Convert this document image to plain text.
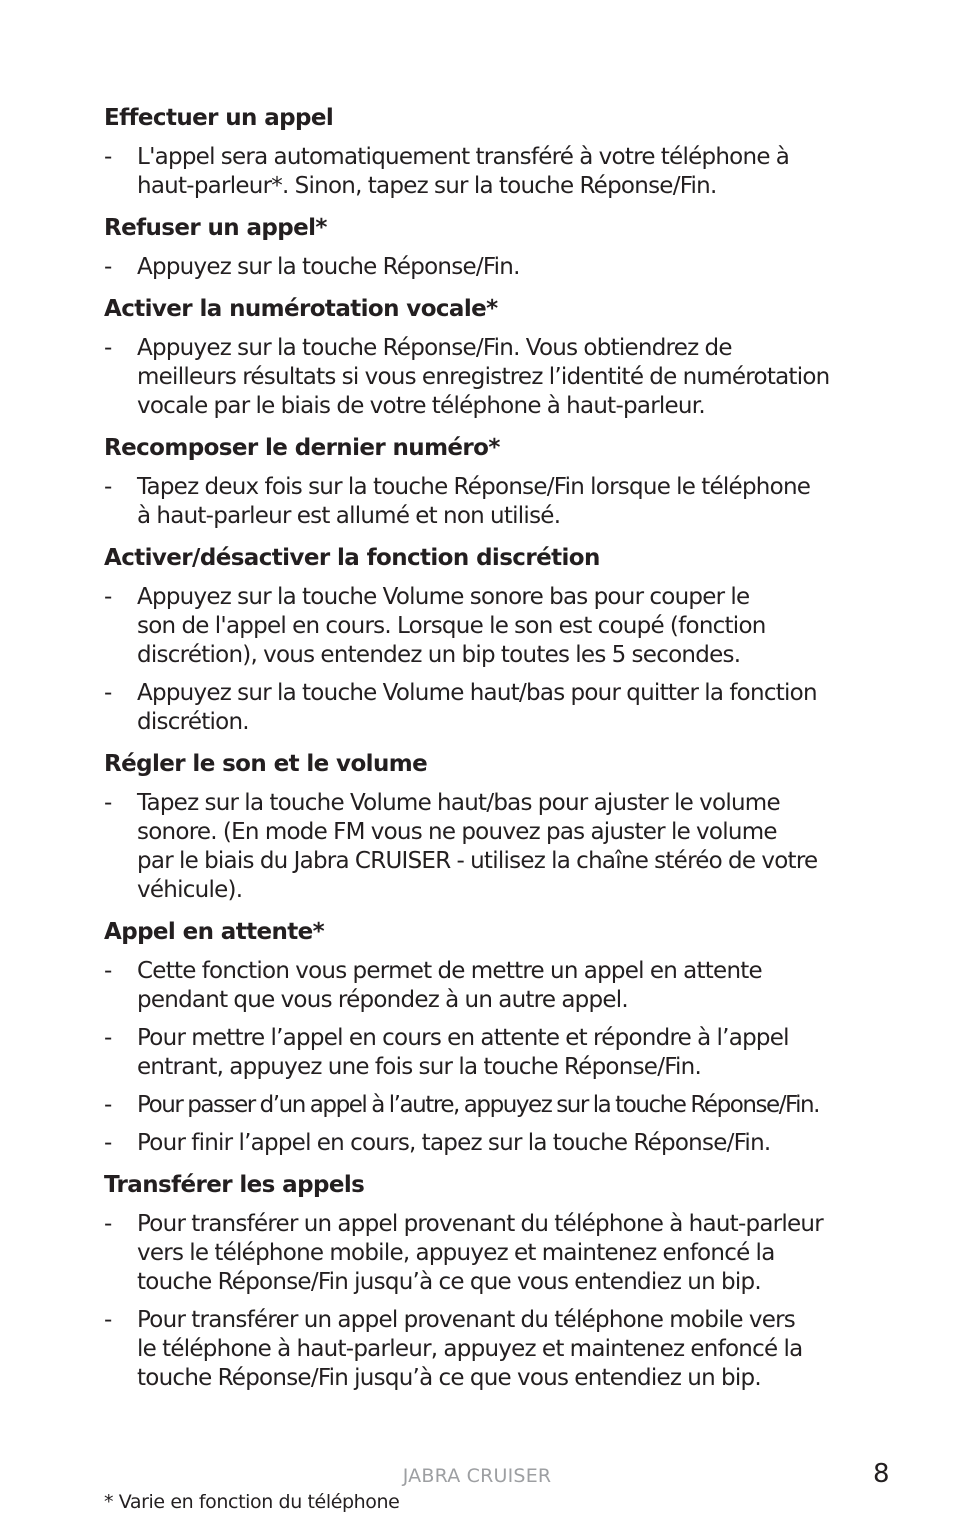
Effectuer un appel
- L'appel sera automatiquement transféré à votre téléphone à
haut-parleur*. Sinon, tapez sur la touche Réponse/Fin.
Refuser un appel*
- Appuyez sur la touche Réponse/Fin.
Activer la numérotation vocale*
- Appuyez sur la touche Réponse/Fin. Vous obtiendrez de
meilleurs résultats si vous enregistrez l’identité de numérotation
vocale par le biais de votre téléphone à haut-parleur.
Recomposer le dernier numéro*
- Tapez deux fois sur la touche Réponse/Fin lorsque le téléphone
à haut-parleur est allumé et non utilisé.
Activer/désactiver la fonction discrétion
- Appuyez sur la touche Volume sonore bas pour couper le
son de l'appel en cours. Lorsque le son est coupé (fonction
discrétion), vous entendez un bip toutes les 5 secondes.
- Appuyez sur la touche Volume haut/bas pour quitter la fonction
discrétion.
Régler le son et le volume
- Tapez sur la touche Volume haut/bas pour ajuster le volume
sonore. (En mode FM vous ne pouvez pas ajuster le volume
par le biais du Jabra CRUISER - utilisez la chaîne stéréo de votre
véhicule).
Appel en attente*
- Cette fonction vous permet de mettre un appel en attente
pendant que vous répondez à un autre appel.
- Pour mettre l’appel en cours en attente et répondre à l’appel
entrant, appuyez une fois sur la touche Réponse/Fin.
- Pour passer d’un appel à l’autre, appuyez sur la touche Réponse/Fin.
- Pour finir l’appel en cours, tapez sur la touche Réponse/Fin.
Transférer les appels
- Pour transférer un appel provenant du téléphone à haut-parleur
vers le téléphone mobile, appuyez et maintenez enfoncé la
touche Réponse/Fin jusqu’à ce que vous entendiez un bip.
- Pour transférer un appel provenant du téléphone mobile vers
le téléphone à haut-parleur, appuyez et maintenez enfoncé la
touche Réponse/Fin jusqu’à ce que vous entendiez un bip.
JABRA CRUISER	8
* Varie en fonction du téléphone
